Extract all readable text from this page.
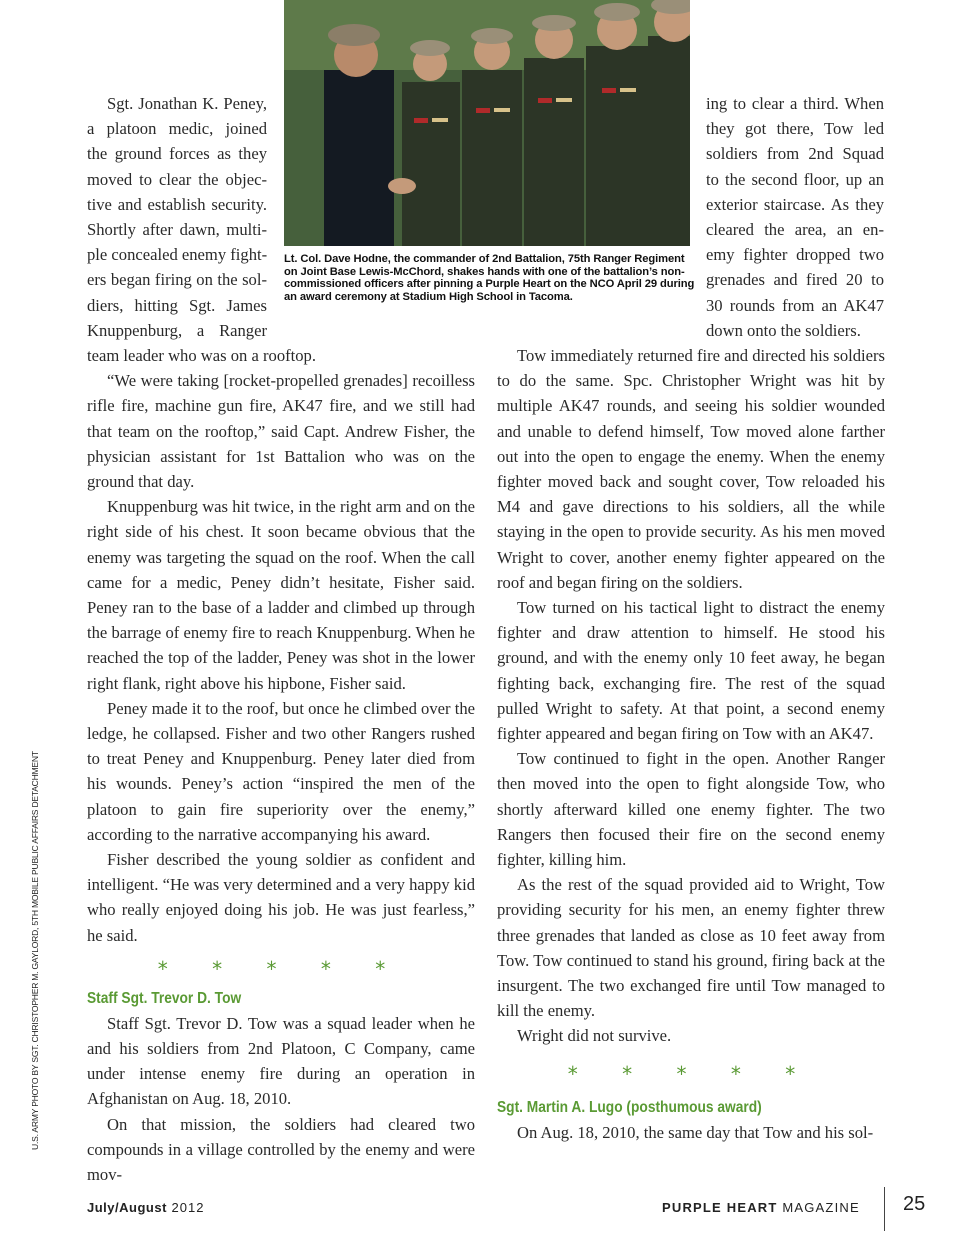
Lt. Col. Dave Hodne, the commander of 2nd Battalion, 75th Ranger Regiment
on Joint Base Lewis-McChord, shakes hands with one of the battalion’s non-
commissioned officers after pinning a Purple Heart on the NCO April 29 during
an award ceremony at Stadium High School in Tacoma.
Sgt. Jonathan K. Peney,
a platoon medic, joined
the ground forces as they
moved to clear the objec-
tive and establish security.
Shortly after dawn, multi-
ple concealed enemy fight-
ers began firing on the sol-
diers, hitting Sgt. James
Knuppenburg, a Ranger

team leader who was on a rooftop.

“We were taking [rocket-propelled grenades] recoilless rifle fire, machine gun fire, AK47 fire, and we still had that team on the rooftop,” said Capt. Andrew Fisher, the physician assistant for 1st Battalion who was on the ground that day.

Knuppenburg was hit twice, in the right arm and on the right side of his chest. It soon became obvious that the enemy was targeting the squad on the roof. When the call came for a medic, Peney didn’t hesitate, Fisher said. Peney ran to the base of a ladder and climbed up through the barrage of enemy fire to reach Knuppenburg. When he reached the top of the ladder, Peney was shot in the lower right flank, right above his hipbone, Fisher said.

Peney made it to the roof, but once he climbed over the ledge, he collapsed. Fisher and two other Rangers rushed to treat Peney and Knuppenburg. Peney later died from his wounds. Peney’s action “inspired the men of the platoon to gain fire superiority over the enemy,” according to the narrative accompanying his award.

Fisher described the young soldier as confident and intelligent. “He was very determined and a very happy kid who really enjoyed doing his job. He was just fearless,” he said.

* * * * *
Staff Sgt. Trevor D. Tow

Staff Sgt. Trevor D. Tow was a squad leader when he and his soldiers from 2nd Platoon, C Company, came under intense enemy fire during an operation in Afghanistan on Aug. 18, 2010.

On that mission, the soldiers had cleared two compounds in a village controlled by the enemy and were mov-

ing to clear a third. When
they got there, Tow led
soldiers from 2nd Squad
to the second floor, up an
exterior staircase. As they
cleared the area, an en-
emy fighter dropped two
grenades and fired 20 to
30 rounds from an AK47
down onto the soldiers.

Tow immediately returned fire and directed his soldiers to do the same. Spc. Christopher Wright was hit by multiple AK47 rounds, and seeing his soldier wounded and unable to defend himself, Tow moved alone farther out into the open to engage the enemy. When the enemy fighter moved back and sought cover, Tow reloaded his M4 and gave directions to his soldiers, all the while staying in the open to provide security. As his men moved Wright to cover, another enemy fighter appeared on the roof and began firing on the soldiers.

Tow turned on his tactical light to distract the enemy fighter and draw attention to himself. He stood his ground, and with the enemy only 10 feet away, he began fighting back, exchanging fire. The rest of the squad pulled Wright to safety. At that point, a second enemy fighter appeared and began firing on Tow with an AK47.

Tow continued to fight in the open. Another Ranger then moved into the open to fight alongside Tow, who shortly afterward killed one enemy fighter. The two Rangers then focused their fire on the second enemy fighter, killing him.

As the rest of the squad provided aid to Wright, Tow providing security for his men, an enemy fighter threw three grenades that landed as close as 10 feet away from Tow. Tow continued to stand his ground, firing back at the insurgent. The two exchanged fire until Tow managed to kill the enemy.

Wright did not survive.

* * * * *
Sgt. Martin A. Lugo (posthumous award)

On Aug. 18, 2010, the same day that Tow and his sol-

U.S. ARMY PHOTO BY SGT. CHRISTOPHER M. GAYLORD, 5TH MOBILE PUBLIC AFFAIRS DETACHMENT
July/August 2012	PURPLE HEART MAGAZINE 25
